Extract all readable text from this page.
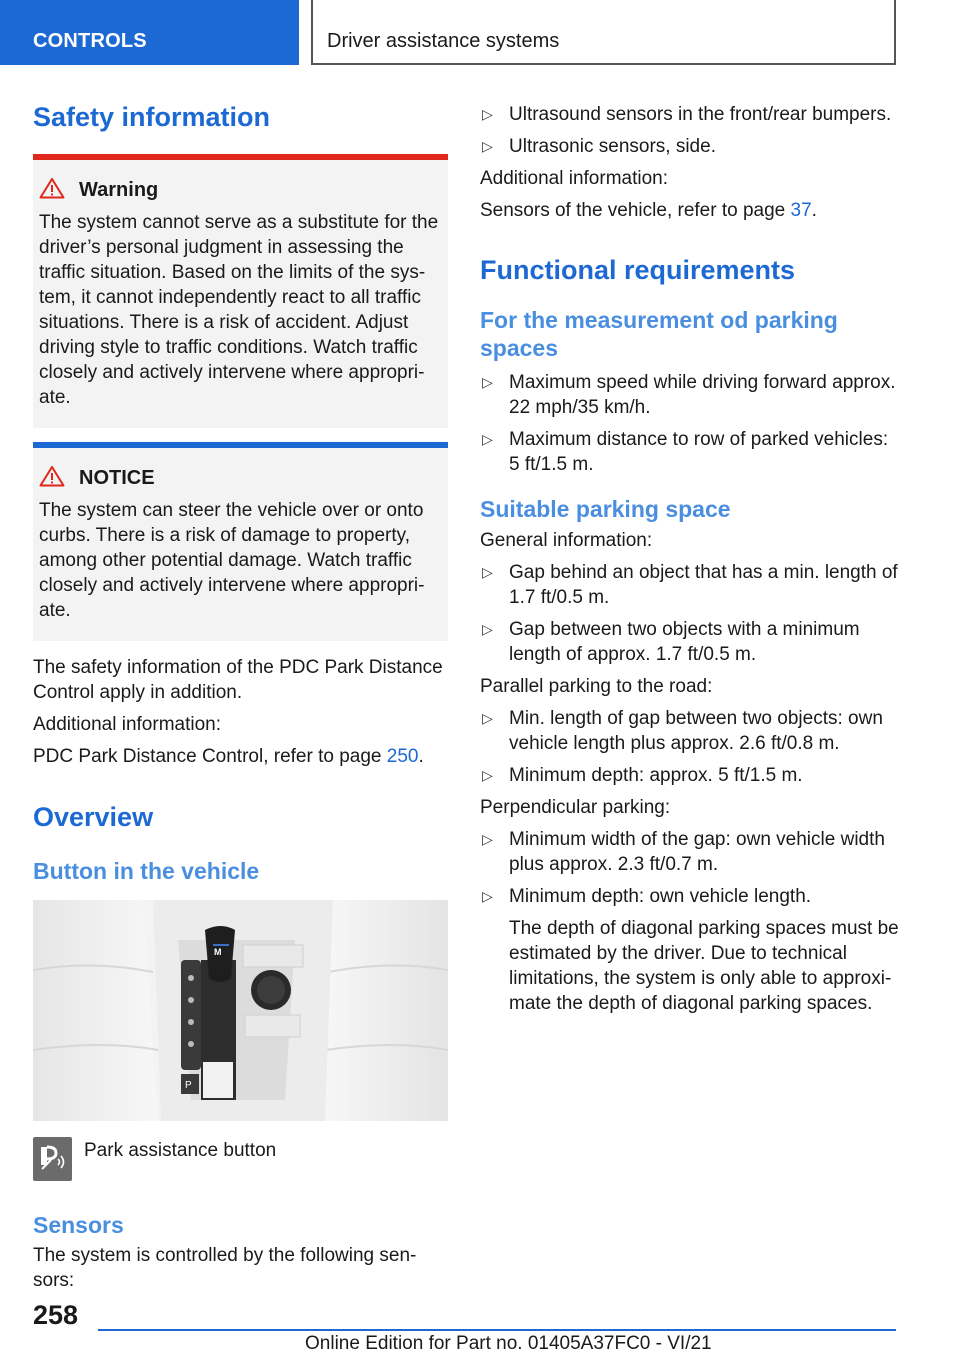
CONTROLS	Driver assistance systems
Safety information
Warning

The system cannot serve as a substitute for the driver’s personal judgment in assessing the traffic situation. Based on the limits of the sys-tem, it cannot independently react to all traffic situations. There is a risk of accident. Adjust driving style to traffic conditions. Watch traffic closely and actively intervene where appropri-ate.

NOTICE

The system can steer the vehicle over or onto curbs. There is a risk of damage to property, among other potential damage. Watch traffic closely and actively intervene where appropri-ate.

The safety information of the PDC Park Distance Control apply in addition.

Additional information:

PDC Park Distance Control, refer to page 250.

Overview
Button in the vehicle
M
P

Park assistance button

Sensors

The system is controlled by the following sen-sors:

▷ Ultrasound sensors in the front/rear bumpers.
▷ Ultrasonic sensors, side.

Additional information:

Sensors of the vehicle, refer to page 37.

Functional requirements
For the measurement od parking spaces
▷ Maximum speed while driving forward approx. 22 mph/35 km/h.
▷ Maximum distance to row of parked vehicles: 5 ft/1.5 m.
Suitable parking space

General information:

▷ Gap behind an object that has a min. length of 1.7 ft/0.5 m.
▷ Gap between two objects with a minimum length of approx. 1.7 ft/0.5 m.

Parallel parking to the road:

▷ Min. length of gap between two objects: own vehicle length plus approx. 2.6 ft/0.8 m.
▷ Minimum depth: approx. 5 ft/1.5 m.

Perpendicular parking:

▷ Minimum width of the gap: own vehicle width plus approx. 2.3 ft/0.7 m.
▷ Minimum depth: own vehicle length.

The depth of diagonal parking spaces must be estimated by the driver. Due to technical limitations, the system is only able to approxi-mate the depth of diagonal parking spaces.

258
Online Edition for Part no. 01405A37FC0 - VI/21
